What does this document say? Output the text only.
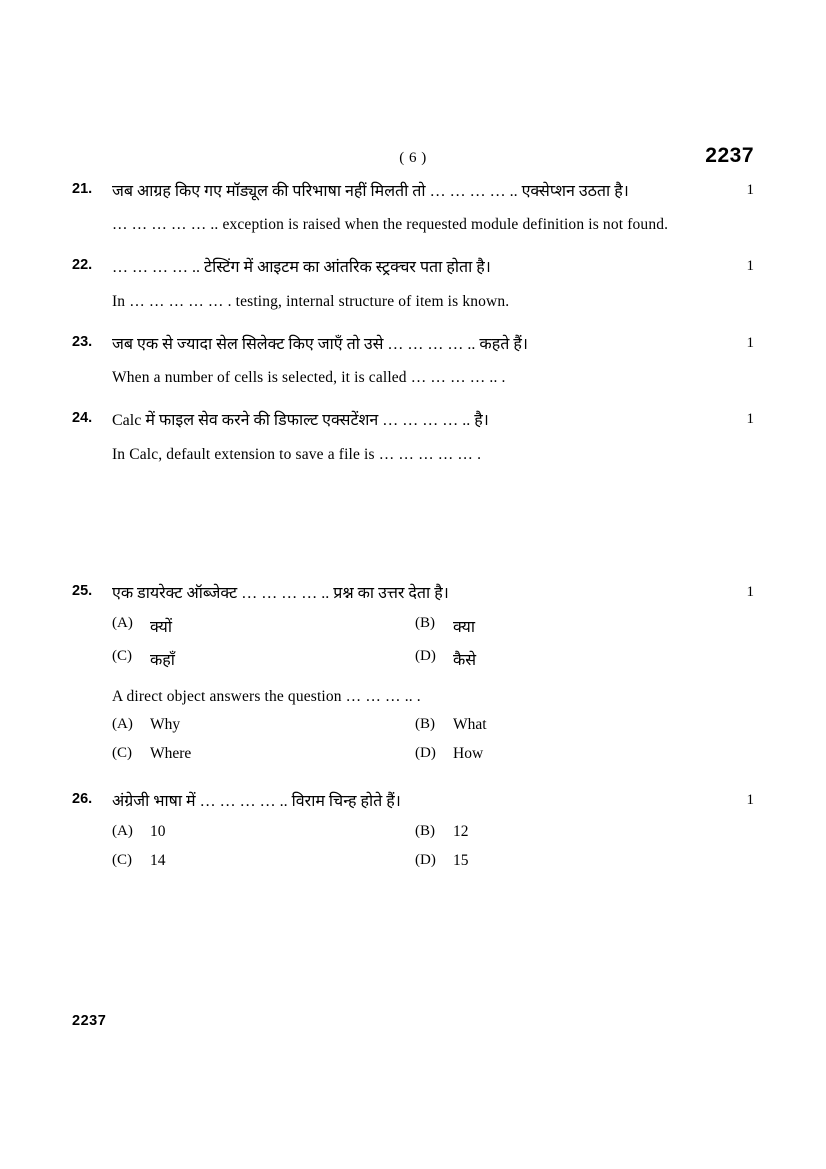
( 6 )	2237
1
21.	जब आग्रह किए गए मॉड्यूल की परिभाषा नहीं मिलती तो … … … … .. एक्सेप्शन उठता है।
… … … … … .. exception is raised when the requested module definition is not found.
1
22.	… … … … .. टेस्टिंग में आइटम का आंतरिक स्ट्रक्चर पता होता है।
In … … … … … . testing, internal structure of item is known.
1
23.	जब एक से ज्यादा सेल सिलेक्ट किए जाएँ तो उसे … … … … .. कहते हैं।
When a number of cells is selected, it is called … … … … .. .
1
24.	Calc में फाइल सेव करने की डिफाल्ट एक्सटेंशन … … … … .. है।
In Calc, default extension to save a file is … … … … … .
1
25.	एक डायरेक्ट ऑब्जेक्ट … … … … .. प्रश्न का उत्तर देता है।
(A)	क्यों	(B)	क्या
(C)	कहाँ	(D)	कैसे
A direct object answers the question … … … .. .
(A)	Why	(B)	What
(C)	Where	(D)	How
1
26.	अंग्रेजी भाषा में … … … … .. विराम चिन्ह होते हैं।
(A)	10	(B)	12
(C)	14	(D)	15
2237
